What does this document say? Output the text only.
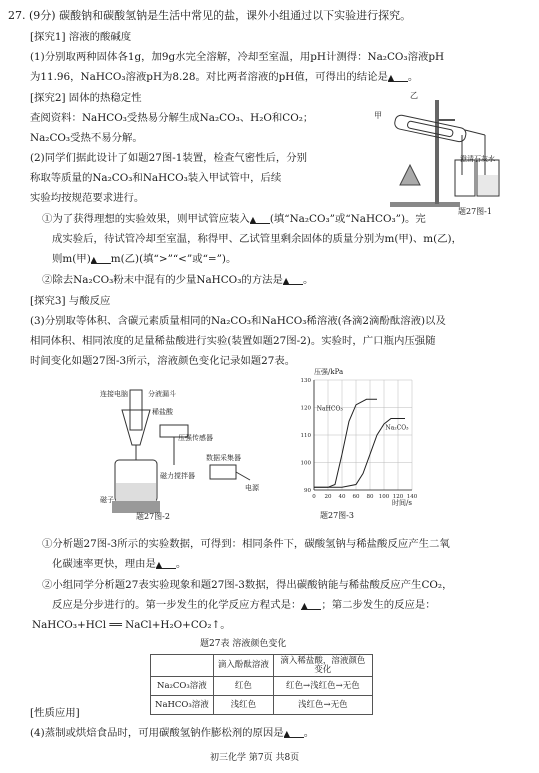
27. (9分) 碳酸钠和碳酸氢钠是生活中常见的盐，课外小组通过以下实验进行探究。
[探究1] 溶液的酸碱度
(1)分别取两种固体各1g，加9g水完全溶解，冷却至室温，用pH计测得：Na₂CO₃溶液pH
为11.96，NaHCO₃溶液pH为8.28。对比两者溶液的pH值，可得出的结论是▲ 。
[探究2] 固体的热稳定性
查阅资料：NaHCO₃受热易分解生成Na₂CO₃、H₂O和CO₂；
Na₂CO₃受热不易分解。
(2)同学们据此设计了如题27图-1装置，检查气密性后，分别
称取等质量的Na₂CO₃和NaHCO₃装入甲试管中，后续
实验均按规范要求进行。
①为了获得理想的实验效果，则甲试管应装入▲ (填“Na₂CO₃”或“NaHCO₃”)。完
成实验后，待试管冷却至室温，称得甲、乙试管里剩余固体的质量分别为m(甲)、m(乙)，
则m(甲)▲ m(乙)(填“>”“<”或“=”)。
②除去Na₂CO₃粉末中混有的少量NaHCO₃的方法是▲ 。
[探究3] 与酸反应
(3)分别取等体积、含碳元素质量相同的Na₂CO₃和NaHCO₃稀溶液(各滴2滴酚酞溶液)以及
相同体积、相同浓度的足量稀盐酸进行实验(装置如题27图-2)。实验时，广口瓶内压强随
时间变化如题27图-3所示，溶液颜色变化记录如题27表。
甲
乙
澄清石灰水
题27图-1
连接电脑	分液漏斗
稀盐酸
压强传感器
磁力搅拌器
数据采集器
磁子
电源
题27图-2
0 20 40 60 80 100 120 140
90
100
110
120
130
NaHCO₃
Na₂CO₃
压强/kPa
时间/s
题27图-3
①分析题27图-3所示的实验数据，可得到：相同条件下，碳酸氢钠与稀盐酸反应产生二氧
化碳速率更快，理由是▲ 。
②小组同学分析题27表实验现象和题27图-3数据，得出碳酸钠能与稀盐酸反应产生CO₂，
反应是分步进行的。第一步发生的化学反应方程式是：▲ ；第二步发生的反应是：
NaHCO₃+HCl ══ NaCl+H₂O+CO₂↑。
题27表 溶液颜色变化
	滴入酚酞溶液	滴入稀盐酸，溶液颜色变化
Na₂CO₃溶液	红色	红色→浅红色→无色
NaHCO₃溶液	浅红色	浅红色→无色
[性质应用]
(4)蒸制或烘焙食品时，可用碳酸氢钠作膨松剂的原因是▲ 。
初三化学 第7页 共8页
